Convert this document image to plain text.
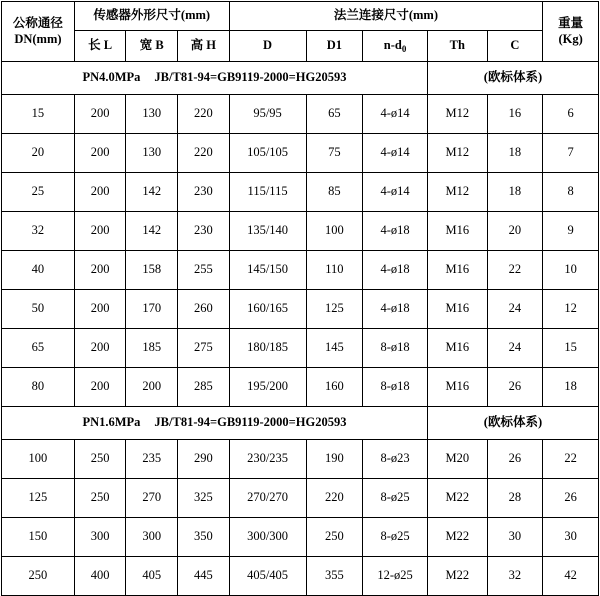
公称通径
DN(mm)	传感器外形尺寸(mm)			法兰连接尺寸(mm)					重量
(Kg)

	长 L	宽 B	高 H	D	D1	$n-d_0$	Th	C	
PN4.0MPa JB/T81-94=GB9119-2000=HG20593							(欧标体系)		
15	200	130	220	95/95	65	4-ø14	M12	16	6
20	200	130	220	105/105	75	4-ø14	M12	18	7
25	200	142	230	115/115	85	4-ø14	M12	18	8
32	200	142	230	135/140	100	4-ø18	M16	20	9
40	200	158	255	145/150	110	4-ø18	M16	22	10
50	200	170	260	160/165	125	4-ø18	M16	24	12
65	200	185	275	180/185	145	8-ø18	M16	24	15
80	200	200	285	195/200	160	8-ø18	M16	26	18
PN1.6MPa JB/T81-94=GB9119-2000=HG20593							(欧标体系)		
100	250	235	290	230/235	190	8-ø23	M20	26	22
125	250	270	325	270/270	220	8-ø25	M22	28	26
150	300	300	350	300/300	250	8-ø25	M22	30	30
250	400	405	445	405/405	355	12-ø25	M22	32	42
